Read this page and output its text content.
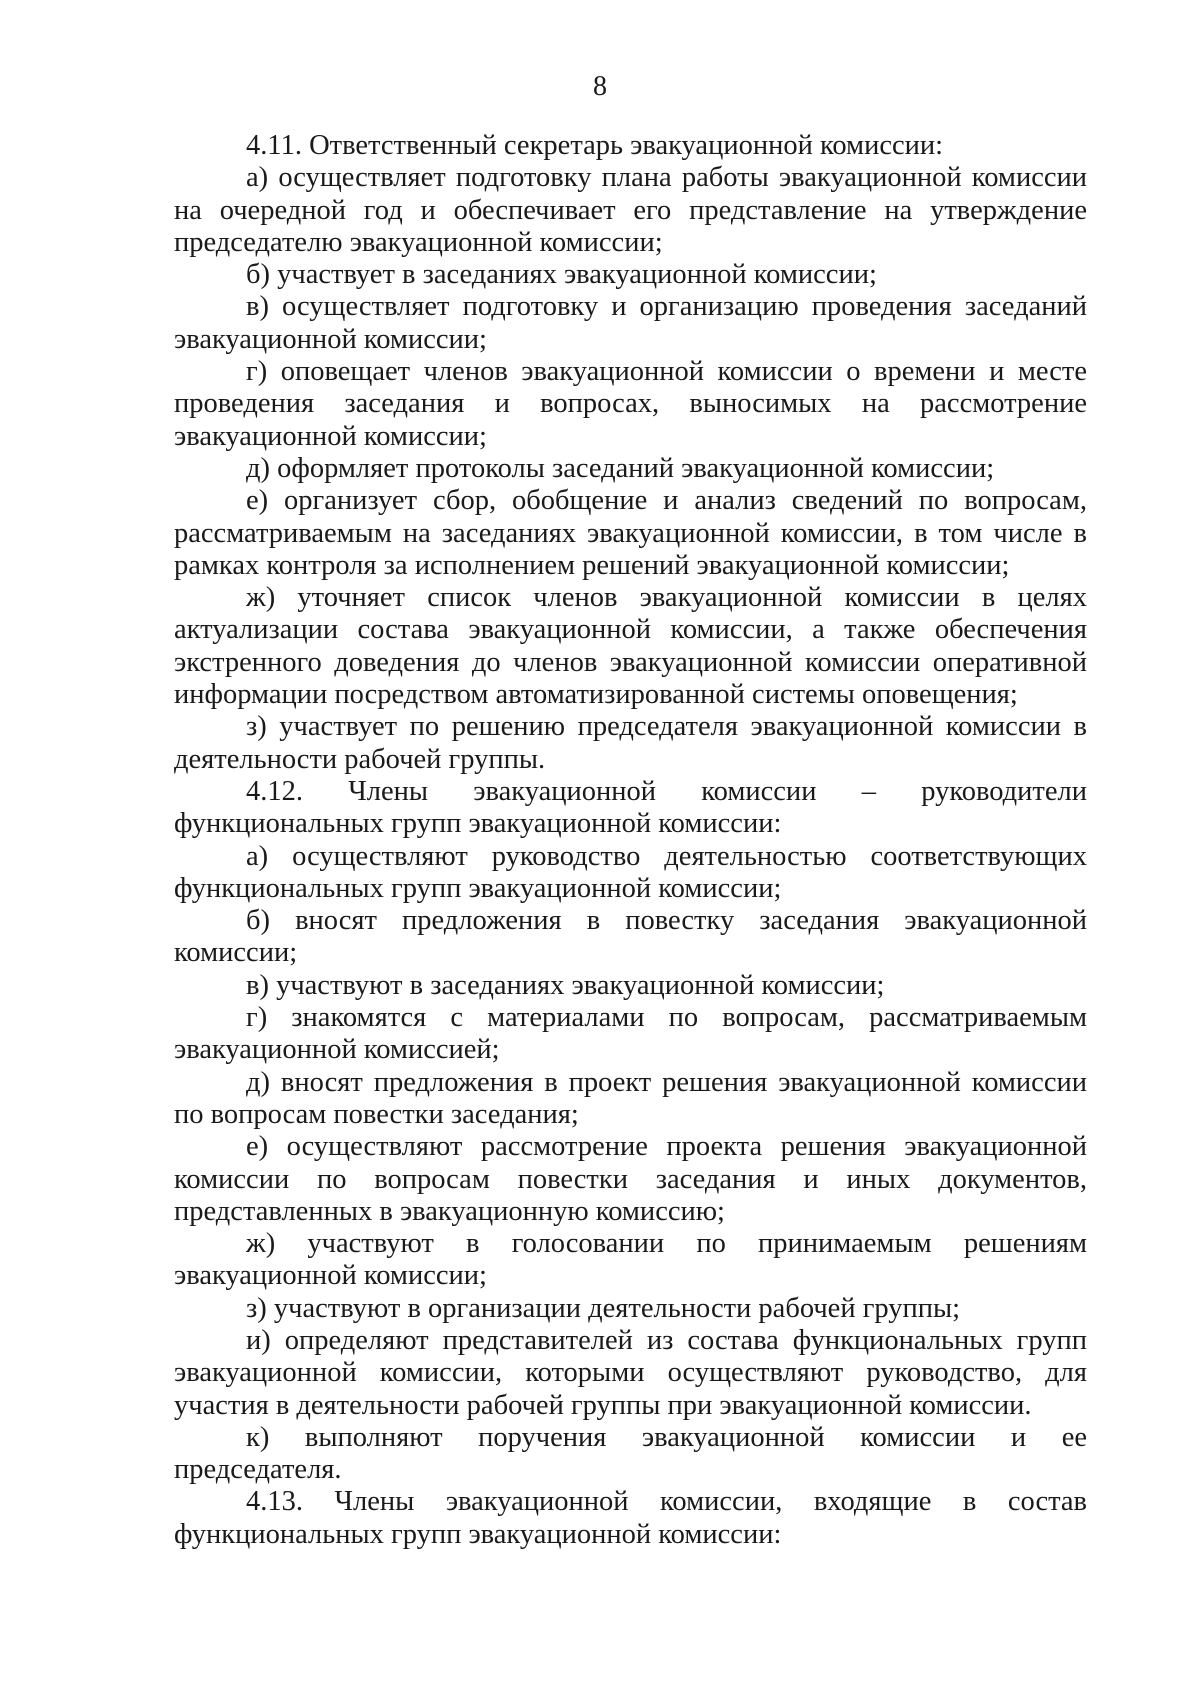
8

4.11. Ответственный секретарь эвакуационной комиссии:

а) осуществляет подготовку плана работы эвакуационной комиссии на очередной год и обеспечивает его представление на утверждение председателю эвакуационной комиссии;

б) участвует в заседаниях эвакуационной комиссии;

в) осуществляет подготовку и организацию проведения заседаний эвакуационной комиссии;

г) оповещает членов эвакуационной комиссии о времени и месте проведения заседания и вопросах, выносимых на рассмотрение эвакуационной комиссии;

д) оформляет протоколы заседаний эвакуационной комиссии;

е) организует сбор, обобщение и анализ сведений по вопросам, рассматриваемым на заседаниях эвакуационной комиссии, в том числе в рамках контроля за исполнением решений эвакуационной комиссии;

ж) уточняет список членов эвакуационной комиссии в целях актуализации состава эвакуационной комиссии, а также обеспечения экстренного доведения до членов эвакуационной комиссии оперативной информации посредством автоматизированной системы оповещения;

з) участвует по решению председателя эвакуационной комиссии в деятельности рабочей группы.

4.12. Члены эвакуационной комиссии – руководители функциональных групп эвакуационной комиссии:

а) осуществляют руководство деятельностью соответствующих функциональных групп эвакуационной комиссии;

б) вносят предложения в повестку заседания эвакуационной комиссии;

в) участвуют в заседаниях эвакуационной комиссии;

г) знакомятся с материалами по вопросам, рассматриваемым эвакуационной комиссией;

д) вносят предложения в проект решения эвакуационной комиссии по вопросам повестки заседания;

е) осуществляют рассмотрение проекта решения эвакуационной комиссии по вопросам повестки заседания и иных документов, представленных в эвакуационную комиссию;

ж) участвуют в голосовании по принимаемым решениям эвакуационной комиссии;

з) участвуют в организации деятельности рабочей группы;

и) определяют представителей из состава функциональных групп эвакуационной комиссии, которыми осуществляют руководство, для участия в деятельности рабочей группы при эвакуационной комиссии.

к) выполняют поручения эвакуационной комиссии и ее председателя.

4.13. Члены эвакуационной комиссии, входящие в состав функциональных групп эвакуационной комиссии:
